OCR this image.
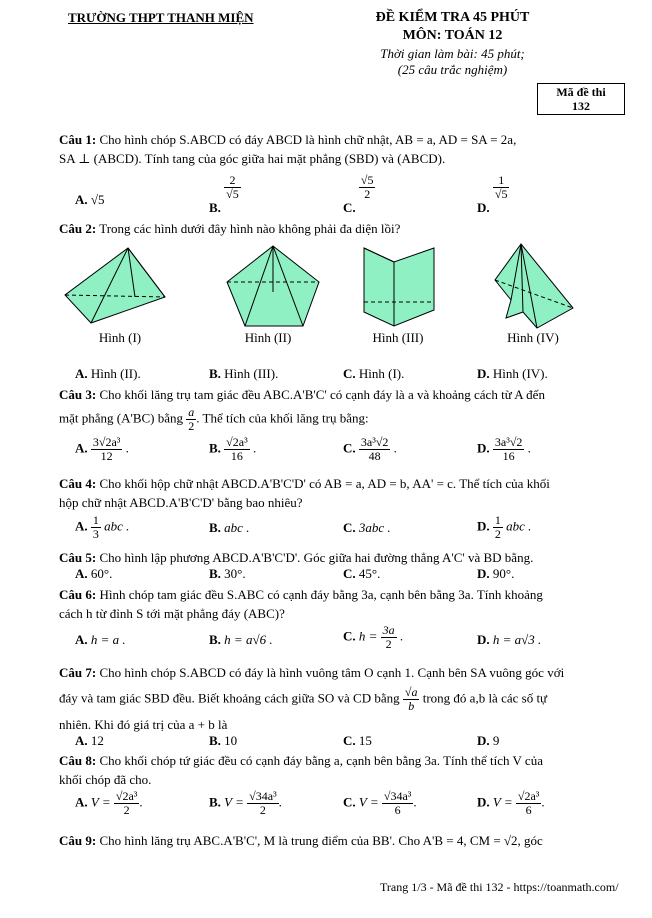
TRƯỜNG THPT THANH MIỆN	ĐỀ KIỂM TRA 45 PHÚT
MÔN: TOÁN 12
Thời gian làm bài: 45 phút;
(25 câu trắc nghiệm)
Mã đề thi
132
Câu 1: Cho hình chóp S.ABCD có đáy ABCD là hình chữ nhật, AB = a, AD = SA = 2a,
SA ⊥ (ABCD). Tính tang của góc giữa hai mặt phẳng (SBD) và (ABCD).
A. √5
B.
$\frac{2}{√5}$
C.
$\frac{√5}{2}$
D.
$\frac{1}{√5}$
Câu 2: Trong các hình dưới đây hình nào không phải đa diện lồi?
Hình (I)	Hình (II)	Hình (III)	Hình (IV)
A. Hình (II).	B. Hình (III).	C. Hình (I).	D. Hình (IV).
Câu 3: Cho khối lăng trụ tam giác đều ABC.A'B'C' có cạnh đáy là a và khoảng cách từ A đến
mặt phẳng (A'BC) bằng $\frac{a}{2}$ . Thể tích của khối lăng trụ bằng:
A. $\frac{\text{3√2a³}}{12}$ .	B. $\frac{\text{√2a³}}{16}$ .	C. $\frac{\text{3a³√2}}{48}$ .	D. $\frac{\text{3a³√2}}{16}$ .
Câu 4: Cho khối hộp chữ nhật ABCD.A'B'C'D' có AB = a, AD = b, AA' = c. Thể tích của khối
hộp chữ nhật ABCD.A'B'C'D' bằng bao nhiêu?
A. $\frac{1}{3}$ abc .	B. abc .	C. 3abc .	D. $\frac{1}{2}$ abc .
Câu 5: Cho hình lập phương ABCD.A'B'C'D'. Góc giữa hai đường thẳng A'C' và BD bằng.
A. 60°.	B. 30°.	C. 45°.	D. 90°.
Câu 6: Hình chóp tam giác đều S.ABC có cạnh đáy bằng 3a, cạnh bên bằng 3a. Tính khoảng
cách h từ đỉnh S tới mặt phẳng đáy (ABC)?
A. h = a .	B. h = a√6 .	C. $h = \frac{3a}{2}$ .	D. h = a√3 .
Câu 7: Cho hình chóp S.ABCD có đáy là hình vuông tâm O cạnh 1. Cạnh bên SA vuông góc với
đáy và tam giác SBD đều. Biết khoảng cách giữa SO và CD bằng $\frac{√a}{b}$ trong đó a,b là các số tự
nhiên. Khi đó giá trị của a + b là
A. 12	B. 10	C. 15	D. 9
Câu 8: Cho khối chóp tứ giác đều có cạnh đáy bằng a, cạnh bên bằng 3a. Tính thể tích V của
khối chóp đã cho.
A. $V = \frac{\text{√2a³}}{2}$ .	B. $V = \frac{\text{√34a³}}{2}$ .	C. $V = \frac{\text{√34a³}}{6}$ .	D. $V = \frac{\text{√2a³}}{6}$ .
Câu 9: Cho hình lăng trụ ABC.A'B'C', M là trung điểm của BB'. Cho A'B = 4, CM = √2, góc
Trang 1/3 - Mã đề thi 132 - https://toanmath.com/
